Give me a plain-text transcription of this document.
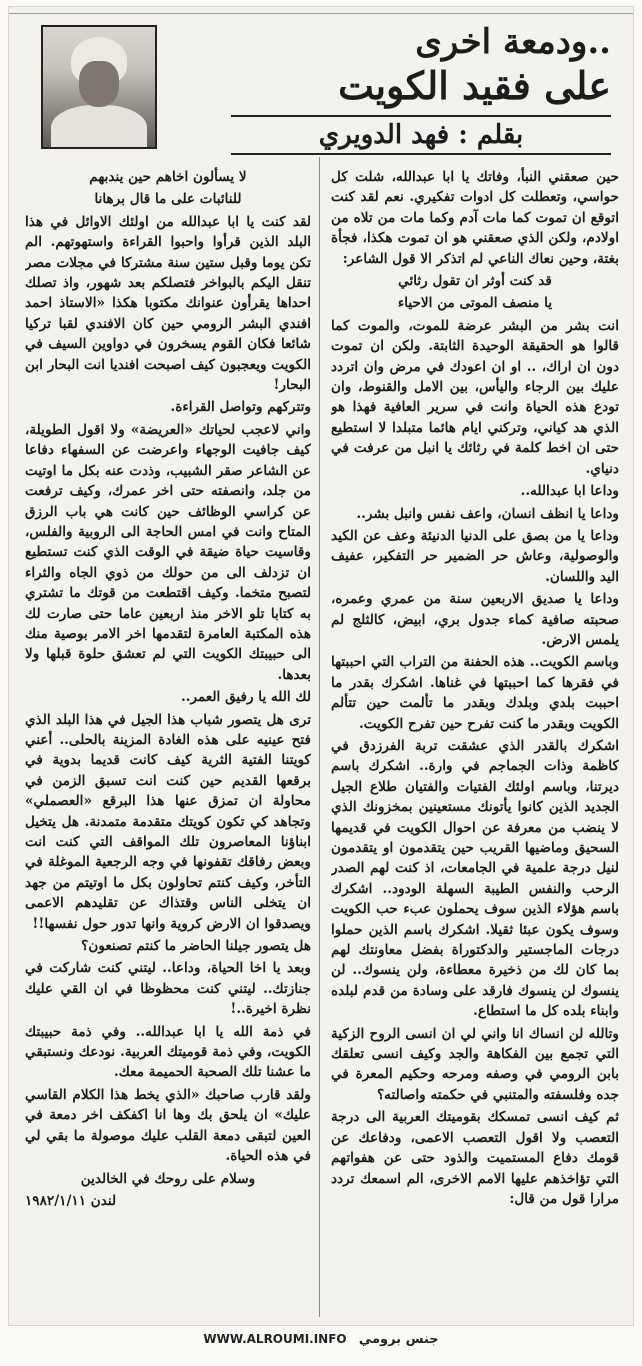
..ودمعة اخرى
على فقيد الكويت
بقلم : فهد الدويري

حين صعقني النبأ، وفاتك يا ابا عبدالله، شلت كل حواسي، وتعطلت كل ادوات تفكيري. نعم لقد كنت اتوقع ان تموت كما مات آدم وكما مات من تلاه من اولادم، ولكن الذي صعقني هو ان تموت هكذا، فجأة بغتة، وحين نعاك الناعي لم اتذكر الا قول الشاعر:

قد كنت أوثر ان تقول رثائي

يا منصف الموتى من الاحياء

انت بشر من البشر عرضة للموت، والموت كما قالوا هو الحقيقة الوحيدة الثابتة. ولكن ان تموت دون ان اراك، .. او ان اعودك في مرض وان اتردد عليك بين الرجاء واليأس، بين الامل والقنوط، وان تودع هذه الحياة وانت في سرير العافية فهذا هو الذي هد كياني، وتركني ايام هائما متبلدا لا استطيع حتى ان اخط كلمة في رثائك يا انبل من عرفت في دنياي.

وداعا ابا عبدالله..

وداعا يا انظف انسان، واعف نفس وانبل بشر..

وداعا يا من بصق على الدنيا الدنيئة وعف عن الكيد والوصولية، وعاش حر الضمير حر التفكير، عفيف اليد واللسان.

وداعا يا صديق الاربعين سنة من عمري وعمره، صحبته صافية كماء جدول بري، ابيض، كالثلج لم يلمس الارض.

وباسم الكويت.. هذه الحفنة من التراب التي احببتها في فقرها كما احببتها في غناها. اشكرك بقدر ما احببت بلدي وبلدك وبقدر ما تألمت حين تتألم الكويت وبقدر ما كنت تفرح حين تفرح الكويت.

اشكرك بالقدر الذي عشقت تربة الفرزدق في كاظمة وذات الجماجم في وارة.. اشكرك باسم ديرتنا، وباسم اولئك الفتيات والفتيان طلاع الجيل الجديد الذين كانوا يأتونك مستعينين بمخزونك الذي لا ينضب من معرفة عن احوال الكويت في قديمها السحيق وماضيها القريب حين يتقدمون او يتقدمون لنيل درجة علمية في الجامعات، اذ كنت لهم الصدر الرحب والنفس الطيبة السهلة الودود.. اشكرك باسم هؤلاء الذين سوف يحملون عبء حب الكويت وسوف يكون عبئا ثقيلا. اشكرك باسم الذين حملوا درجات الماجستير والدكتوراة بفضل معاونتك لهم بما كان لك من ذخيرة معطاءة، ولن ينسوك.. لن ينسوك لن ينسوك فارقد على وسادة من قدم لبلده وابناء بلده كل ما استطاع.

وتالله لن انساك انا واني لي ان انسى الروح الزكية التي تجمع بين الفكاهة والجد وكيف انسى تعلقك بابن الرومي في وصفه ومرحه وحكيم المعرة في جده وفلسفته والمتنبي في حكمته واصالته؟

ثم كيف انسى تمسكك بقوميتك العربية الى درجة التعصب ولا اقول التعصب الاعمى، ودفاعك عن قومك دفاع المستميت والذود حتى عن هفواتهم التي تؤاخذهم عليها الامم الاخرى، الم اسمعك تردد مرارا قول من قال:

لا يسألون اخاهم حين يندبهم

للنائبات على ما قال برهانا

لقد كنت يا ابا عبدالله من اولئك الاوائل في هذا البلد الذين قرأوا واحبوا القراءة واستهوتهم. الم تكن يوما وقبل ستين سنة مشتركا في مجلات مصر تنقل اليكم بالبواخر فتصلكم بعد شهور، واذ تصلك احداها يقرأون عنوانك مكتوبا هكذا «الاستاذ احمد افندي البشر الرومي حين كان الافندي لقبا تركيا شائعا فكان القوم يسخرون في دواوين السيف في الكويت ويعجبون كيف اصبحت افنديا انت البحار ابن البحار!

وتتركهم وتواصل القراءة.

واني لاعجب لحياتك «العريضة» ولا اقول الطويلة، كيف جافيت الوجهاء واعرضت عن السفهاء دفاعا عن الشاعر صقر الشبيب، وذدت عنه بكل ما اوتيت من جلد، وانصفته حتى اخر عمرك، وكيف ترفعت عن كراسي الوظائف حين كانت هي باب الرزق المتاح وانت في امس الحاجة الى الروبية والفلس، وقاسيت حياة ضيقة في الوقت الذي كنت تستطيع ان تزدلف الى من حولك من ذوي الجاه والثراء لتصبح متخما. وكيف اقتطعت من قوتك ما تشتري به كتابا تلو الاخر منذ اربعين عاما حتى صارت لك هذه المكتبة العامرة لتقدمها اخر الامر بوصية منك الى حبيبتك الكويت التي لم تعشق حلوة قبلها ولا بعدها.

لك الله يا رفيق العمر..

ترى هل يتصور شباب هذا الجيل في هذا البلد الذي فتح عينيه على هذه الغادة المزينة بالحلى.. أعني كويتنا الفتية الثرية كيف كانت قديما بدوية في برقعها القديم حين كنت انت تسبق الزمن في محاولة ان تمزق عنها هذا البرقع «العصملي» وتجاهد كي تكون كويتك متقدمة متمدنة. هل يتخيل ابناؤنا المعاصرون تلك المواقف التي كنت انت وبعض رفاقك تقفونها في وجه الرجعية الموغلة في التأخر، وكيف كنتم تحاولون بكل ما اوتيتم من جهد ان يتخلى الناس وقتذاك عن تقليدهم الاعمى ويصدقوا ان الارض كروية وانها تدور حول نفسها!!

هل يتصور جيلنا الحاضر ما كنتم تصنعون؟

وبعد يا اخا الحياة، وداعا.. ليتني كنت شاركت في جنازتك.. ليتني كنت محظوظا في ان القي عليك نظرة اخيرة..!

في ذمة الله يا ابا عبدالله.. وفي ذمة حبيبتك الكويت، وفي ذمة قوميتك العربية. نودعك ونستبقي ما عشنا تلك الصحبة الحميمة معك.

ولقد قارب صاحبك «الذي يخط هذا الكلام القاسي عليك» ان يلحق بك وها انا اكفكف اخر دمعة في العين لتبقى دمعة القلب عليك موصولة ما بقي لي في هذه الحياة.

وسلام على روحك في الخالدين

لندن ١٩٨٢/١/١١

WWW.ALROUMI.INFO جنس برومي
